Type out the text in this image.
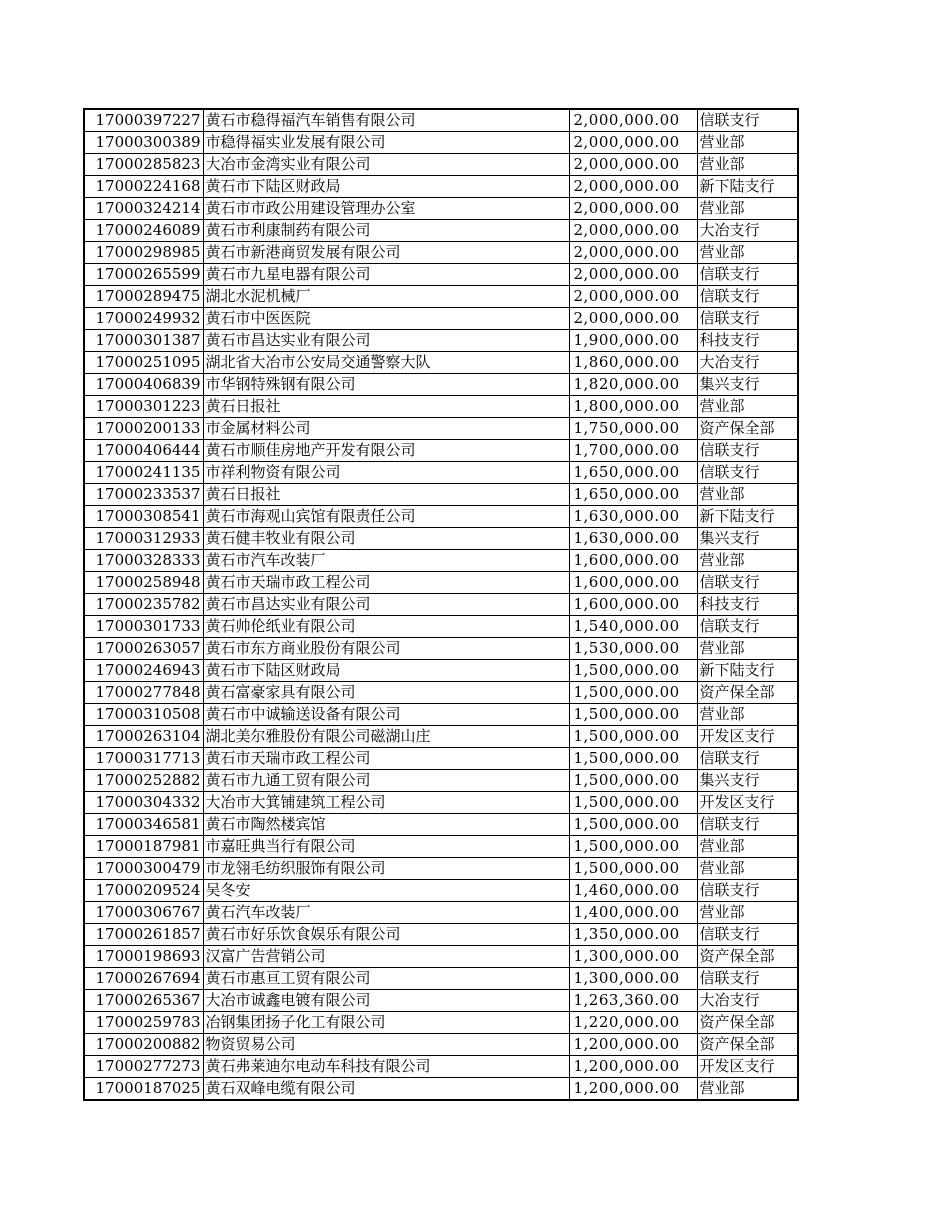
17000397227	黄石市稳得福汽车销售有限公司	2,000,000.00	信联支行
17000300389	市稳得福实业发展有限公司	2,000,000.00	营业部
17000285823	大冶市金湾实业有限公司	2,000,000.00	营业部
17000224168	黄石市下陆区财政局	2,000,000.00	新下陆支行
17000324214	黄石市市政公用建设管理办公室	2,000,000.00	营业部
17000246089	黄石市利康制药有限公司	2,000,000.00	大冶支行
17000298985	黄石市新港商贸发展有限公司	2,000,000.00	营业部
17000265599	黄石市九星电器有限公司	2,000,000.00	信联支行
17000289475	湖北水泥机械厂	2,000,000.00	信联支行
17000249932	黄石市中医医院	2,000,000.00	信联支行
17000301387	黄石市昌达实业有限公司	1,900,000.00	科技支行
17000251095	湖北省大冶市公安局交通警察大队	1,860,000.00	大冶支行
17000406839	市华钢特殊钢有限公司	1,820,000.00	集兴支行
17000301223	黄石日报社	1,800,000.00	营业部
17000200133	市金属材料公司	1,750,000.00	资产保全部
17000406444	黄石市顺佳房地产开发有限公司	1,700,000.00	信联支行
17000241135	市祥利物资有限公司	1,650,000.00	信联支行
17000233537	黄石日报社	1,650,000.00	营业部
17000308541	黄石市海观山宾馆有限责任公司	1,630,000.00	新下陆支行
17000312933	黄石健丰牧业有限公司	1,630,000.00	集兴支行
17000328333	黄石市汽车改装厂	1,600,000.00	营业部
17000258948	黄石市天瑞市政工程公司	1,600,000.00	信联支行
17000235782	黄石市昌达实业有限公司	1,600,000.00	科技支行
17000301733	黄石帅伦纸业有限公司	1,540,000.00	信联支行
17000263057	黄石市东方商业股份有限公司	1,530,000.00	营业部
17000246943	黄石市下陆区财政局	1,500,000.00	新下陆支行
17000277848	黄石富豪家具有限公司	1,500,000.00	资产保全部
17000310508	黄石市中诚输送设备有限公司	1,500,000.00	营业部
17000263104	湖北美尔雅股份有限公司磁湖山庄	1,500,000.00	开发区支行
17000317713	黄石市天瑞市政工程公司	1,500,000.00	信联支行
17000252882	黄石市九通工贸有限公司	1,500,000.00	集兴支行
17000304332	大冶市大箕铺建筑工程公司	1,500,000.00	开发区支行
17000346581	黄石市陶然楼宾馆	1,500,000.00	信联支行
17000187981	市嘉旺典当行有限公司	1,500,000.00	营业部
17000300479	市龙翎毛纺织服饰有限公司	1,500,000.00	营业部
17000209524	吴冬安	1,460,000.00	信联支行
17000306767	黄石汽车改装厂	1,400,000.00	营业部
17000261857	黄石市好乐饮食娱乐有限公司	1,350,000.00	信联支行
17000198693	汉富广告营销公司	1,300,000.00	资产保全部
17000267694	黄石市惠亘工贸有限公司	1,300,000.00	信联支行
17000265367	大冶市诚鑫电镀有限公司	1,263,360.00	大冶支行
17000259783	冶钢集团扬子化工有限公司	1,220,000.00	资产保全部
17000200882	物资贸易公司	1,200,000.00	资产保全部
17000277273	黄石弗莱迪尔电动车科技有限公司	1,200,000.00	开发区支行
17000187025	黄石双峰电缆有限公司	1,200,000.00	营业部
